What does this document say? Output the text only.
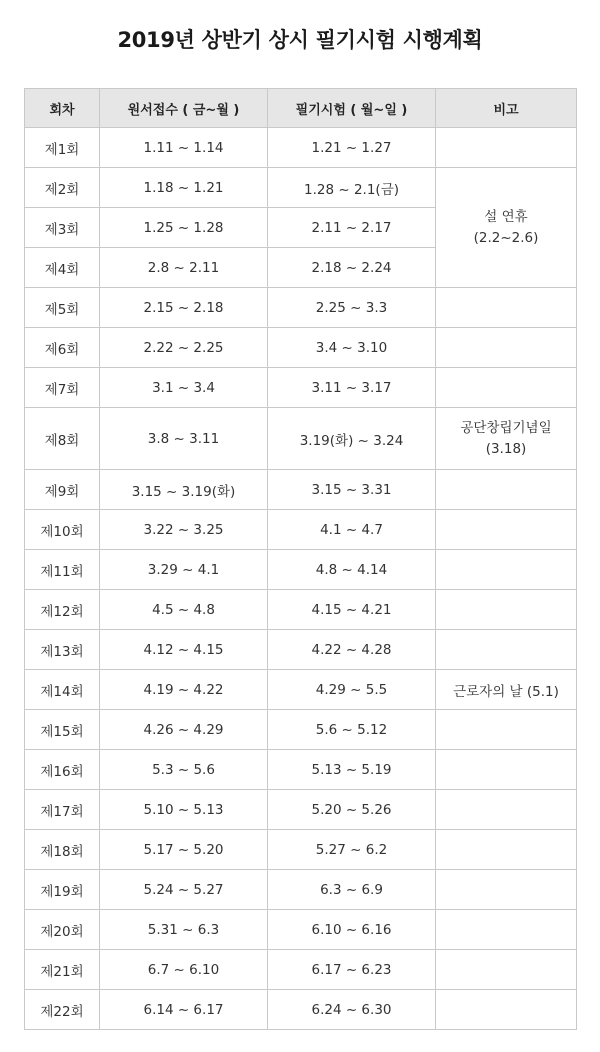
2019년 상반기 상시 필기시험 시행계획
회차	원서접수 ( 금~월 )	필기시험 ( 월~일 )	비고
제1회	1.11 ~ 1.14	1.21 ~ 1.27	
제2회	1.18 ~ 1.21	1.28 ~ 2.1(금)	설 연휴
(2.2~2.6)

제3회	1.25 ~ 1.28	2.11 ~ 2.17	
제4회	2.8 ~ 2.11	2.18 ~ 2.24	
제5회	2.15 ~ 2.18	2.25 ~ 3.3	
제6회	2.22 ~ 2.25	3.4 ~ 3.10	
제7회	3.1 ~ 3.4	3.11 ~ 3.17	
제8회	3.8 ~ 3.11	3.19(화) ~ 3.24	공단창립기념일
(3.18)

제9회	3.15 ~ 3.19(화)	3.15 ~ 3.31	
제10회	3.22 ~ 3.25	4.1 ~ 4.7	
제11회	3.29 ~ 4.1	4.8 ~ 4.14	
제12회	4.5 ~ 4.8	4.15 ~ 4.21	
제13회	4.12 ~ 4.15	4.22 ~ 4.28	
제14회	4.19 ~ 4.22	4.29 ~ 5.5	근로자의 날 (5.1)
제15회	4.26 ~ 4.29	5.6 ~ 5.12	
제16회	5.3 ~ 5.6	5.13 ~ 5.19	
제17회	5.10 ~ 5.13	5.20 ~ 5.26	
제18회	5.17 ~ 5.20	5.27 ~ 6.2	
제19회	5.24 ~ 5.27	6.3 ~ 6.9	
제20회	5.31 ~ 6.3	6.10 ~ 6.16	
제21회	6.7 ~ 6.10	6.17 ~ 6.23	
제22회	6.14 ~ 6.17	6.24 ~ 6.30	
